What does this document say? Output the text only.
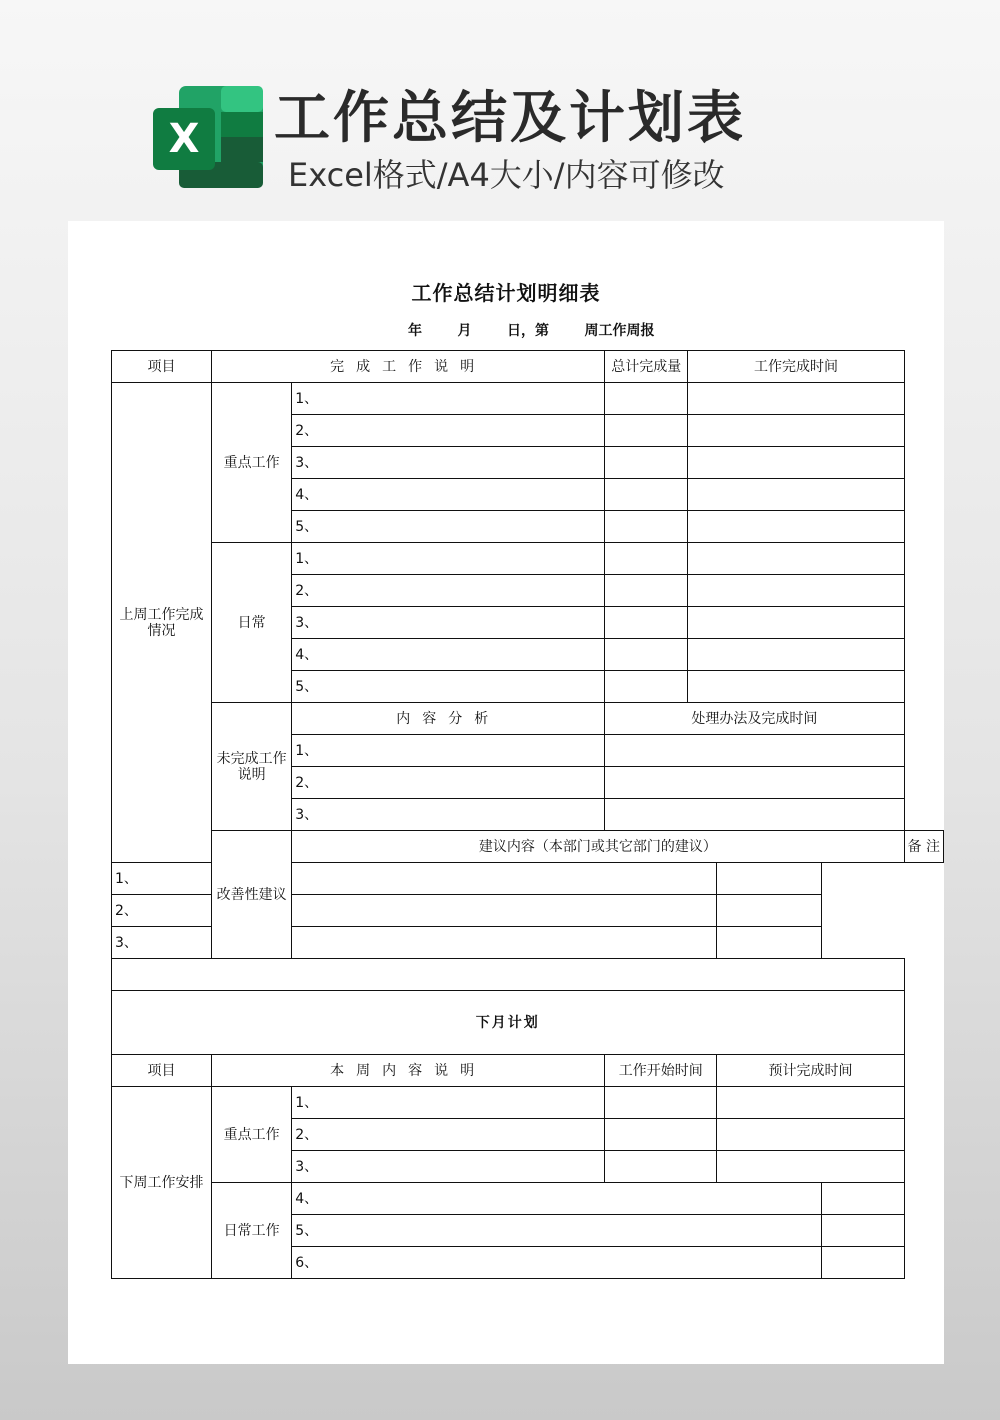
X 工作总结及计划表
Excel格式/A4大小/内容可修改
工作总结计划明细表
年    月    日，第    周工作周报
项目	完成工作说明		总计完成量	工作完成时间			
上周工作完成情况	重点工作	1、					
		2、					
		3、					
		4、					
		5、					
	日常	1、					
		2、					
		3、					
		4、					
		5、					
	未完成工作说明	内容分析	处理办法及完成时间				
		1、					
		2、					
		3、					
	改善性建议	建议内容（本部门或其它部门的建议）					备 注
1、							
2、							
3、							

下月计划							
项目	本周内容说明		工作开始时间		预计完成时间		
下周工作安排	重点工作	1、					
		2、					
		3、					
	日常工作	4、					
		5、					
		6、					
